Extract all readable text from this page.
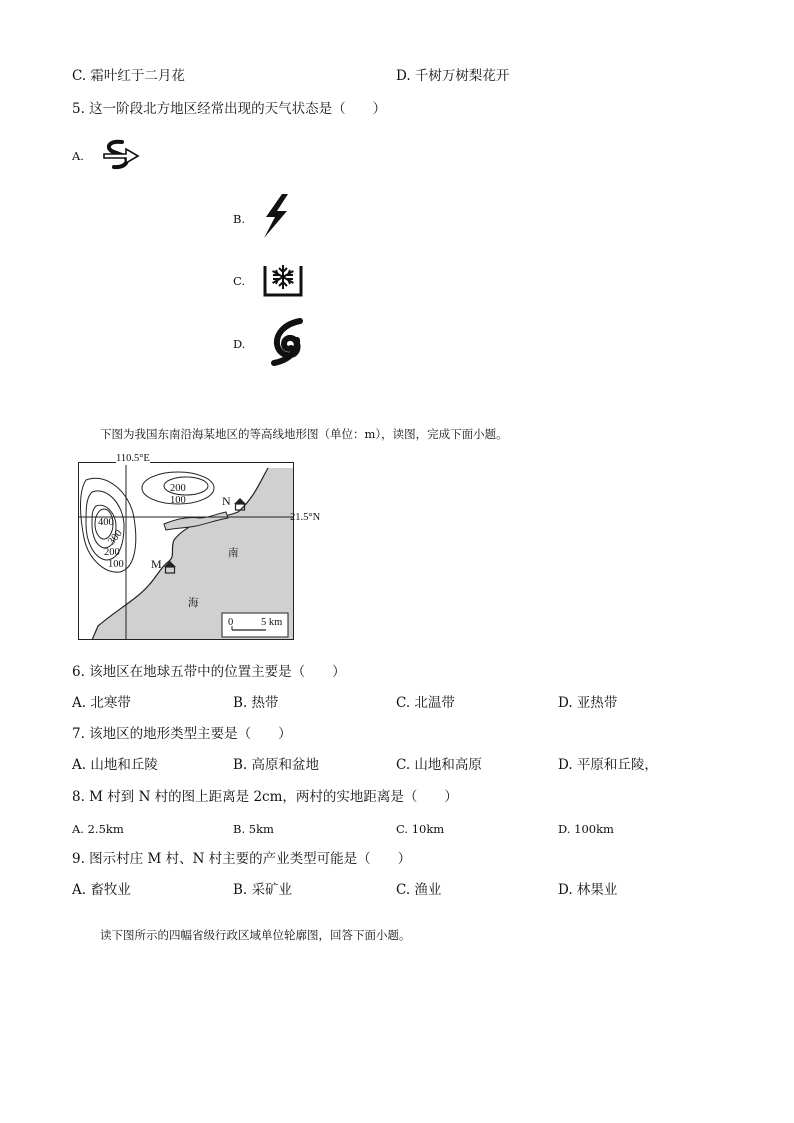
C. 霜叶红于二月花	D. 千树万树梨花开
5. 这一阶段北方地区经常出现的天气状态是（　　）
A.
B.
C.
D.
下图为我国东南沿海某地区的等高线地形图（单位：m），读图，完成下面小题。
110.5°E
21.5°N
200
100
400
300
200
100
N
M
南
海
0	5 km
6. 该地区在地球五带中的位置主要是（　　）
A. 北寒带	B. 热带	C. 北温带	D. 亚热带
7. 该地区的地形类型主要是（　　）
A. 山地和丘陵	B. 高原和盆地	C. 山地和高原	D. 平原和丘陵，
8. M 村到 N 村的图上距离是 2cm，两村的实地距离是（　　）
A. 2.5km	B. 5km	C. 10km	D. 100km
9. 图示村庄 M 村、N 村主要的产业类型可能是（　　）
A. 畜牧业	B. 采矿业	C. 渔业	D. 林果业
读下图所示的四幅省级行政区域单位轮廓图，回答下面小题。
